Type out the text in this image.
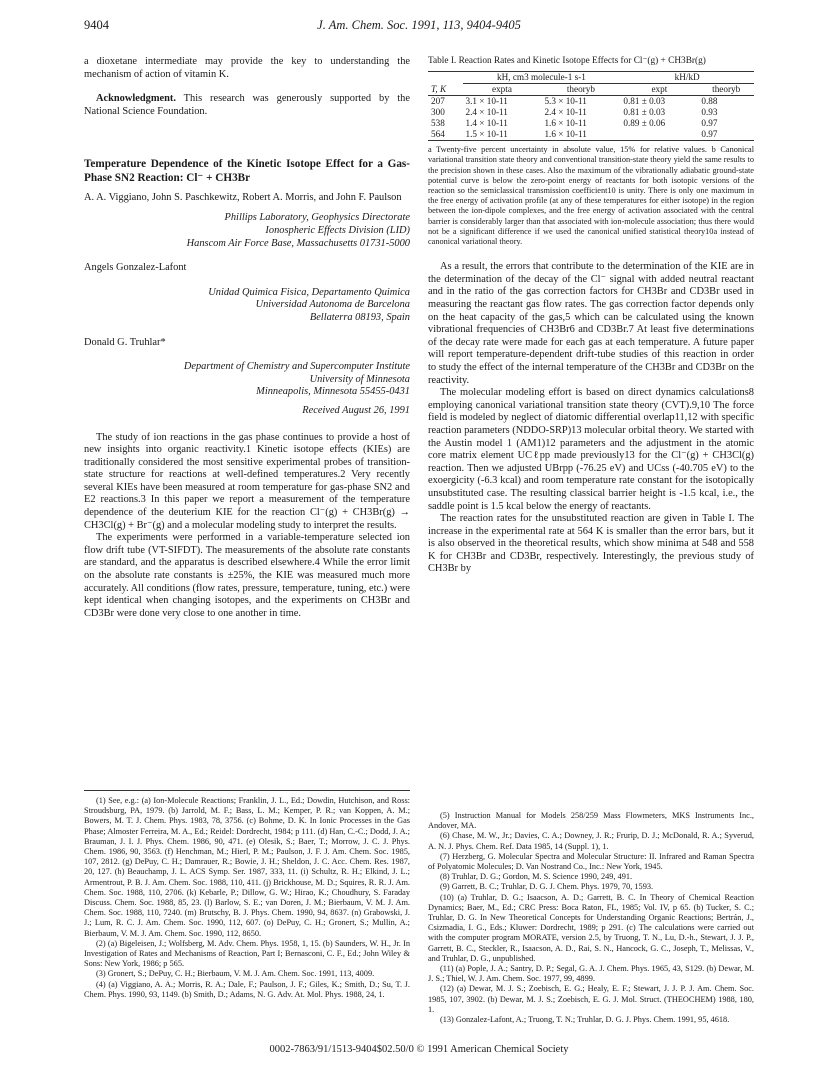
9404	J. Am. Chem. Soc. 1991, 113, 9404-9405

a dioxetane intermediate may provide the key to understanding the mechanism of action of vitamin K.

Acknowledgment. This research was generously supported by the National Science Foundation.

Temperature Dependence of the Kinetic Isotope Effect for a Gas-Phase SN2 Reaction: Cl⁻ + CH3Br

A. A. Viggiano, John S. Paschkewitz, Robert A. Morris, and John F. Paulson

Phillips Laboratory, Geophysics Directorate

Ionospheric Effects Division (LID)

Hanscom Air Force Base, Massachusetts 01731-5000

Angels Gonzalez-Lafont

Unidad Quimica Fisica, Departamento Quimica

Universidad Autonoma de Barcelona

Bellaterra 08193, Spain

Donald G. Truhlar*

Department of Chemistry and Supercomputer Institute

University of Minnesota

Minneapolis, Minnesota 55455-0431

Received August 26, 1991

The study of ion reactions in the gas phase continues to provide a host of new insights into organic reactivity.1 Kinetic isotope effects (KIEs) are traditionally considered the most sensitive experimental probes of transition-state structure for reactions at well-defined temperatures.2 Very recently several KIEs have been measured at room temperature for gas-phase SN2 and E2 reactions.3 In this paper we report a measurement of the temperature dependence of the deuterium KIE for the reaction Cl⁻(g) + CH3Br(g) → CH3Cl(g) + Br⁻(g) and a molecular modeling study to interpret the results.

The experiments were performed in a variable-temperature selected ion flow drift tube (VT-SIFDT). The measurements of the absolute rate constants are standard, and the apparatus is described elsewhere.4 While the error limit on the absolute rate constants is ±25%, the KIE was measured much more accurately. All conditions (flow rates, pressure, temperature, tuning, etc.) were kept identical when changing isotopes, and the experiments on CH3Br and CD3Br were done very close to one another in time.

Table I. Reaction Rates and Kinetic Isotope Effects for Cl⁻(g) + CH3Br(g)

	kH, cm3 molecule-1 s-1		kH/kD	
T, K	expta	theoryb	expt	theoryb
207	3.1 × 10-11	5.3 × 10-11	0.81 ± 0.03	0.88
300	2.4 × 10-11	2.4 × 10-11	0.81 ± 0.03	0.93
538	1.4 × 10-11	1.6 × 10-11	0.89 ± 0.06	0.97
564	1.5 × 10-11	1.6 × 10-11		0.97

a Twenty-five percent uncertainty in absolute value, 15% for relative values. b Canonical variational transition state theory and conventional transition-state theory yield the same results to the precision shown in these cases. Also the maximum of the vibrationally adiabatic ground-state potential curve is below the zero-point energy of reactants for both isotopic versions of the reaction so the semiclassical transmission coefficient10 is unity. There is only one maximum in the free energy of activation profile (at any of these temperatures for either isotope) in the region between the ion-dipole complexes, and the free energy of activation associated with the central barrier is considerably larger than that associated with ion-molecule association; thus there would not be a significant difference if we used the canonical unified statistical theory10a instead of canonical variational theory.

As a result, the errors that contribute to the determination of the KIE are in the determination of the decay of the Cl⁻ signal with added neutral reactant and in the ratio of the gas correction factors for CH3Br and CD3Br used in measuring the reactant gas flow rates. The gas correction factor depends only on the heat capacity of the gas,5 which can be calculated using the known vibrational frequencies of CH3Br6 and CD3Br.7 At least five determinations of the decay rate were made for each gas at each temperature. A future paper will report temperature-dependent drift-tube studies of this reaction in order to study the effect of the internal temperature of the CH3Br and CD3Br on the reactivity.

The molecular modeling effort is based on direct dynamics calculations8 employing canonical variational transition state theory (CVT).9,10 The force field is modeled by neglect of diatomic differential overlap11,12 with specific reaction parameters (NDDO-SRP)13 molecular orbital theory. We started with the Austin model 1 (AM1)12 parameters and the adjustment in the atomic core matrix element UCℓpp made previously13 for the Cl⁻(g) + CH3Cl(g) reaction. Then we adjusted UBrpp (-76.25 eV) and UCss (-40.705 eV) to the exoergicity (-6.3 kcal) and room temperature rate constant for the isotopically unsubstituted case. The resulting classical barrier height is -1.5 kcal, i.e., the saddle point is 1.5 kcal below the energy of reactants.

The reaction rates for the unsubstituted reaction are given in Table I. The increase in the experimental rate at 564 K is smaller than the error bars, but it is also observed in the theoretical results, which show minima at 548 and 558 K for CH3Br and CD3Br, respectively. Interestingly, the previous study of CH3Br by

(1) See, e.g.: (a) Ion-Molecule Reactions; Franklin, J. L., Ed.; Dowdin, Hutchison, and Ross: Stroudsburg, PA, 1979. (b) Jarrold, M. F.; Bass, L. M.; Kemper, P. R.; van Koppen, A. M.; Bowers, M. T. J. Chem. Phys. 1983, 78, 3756. (c) Bohme, D. K. In Ionic Processes in the Gas Phase; Almoster Ferreira, M. A., Ed.; Reidel: Dordrecht, 1984; p 111. (d) Han, C.-C.; Dodd, J. A.; Brauman, J. I. J. Phys. Chem. 1986, 90, 471. (e) Olesik, S.; Baer, T.; Morrow, J. C. J. Phys. Chem. 1986, 90, 3563. (f) Henchman, M.; Hierl, P. M.; Paulson, J. F. J. Am. Chem. Soc. 1985, 107, 2812. (g) DePuy, C. H.; Damrauer, R.; Bowie, J. H.; Sheldon, J. C. Acc. Chem. Res. 1987, 20, 127. (h) Beauchamp, J. L. ACS Symp. Ser. 1987, 333, 11. (i) Schultz, R. H.; Elkind, J. L.; Armentrout, P. B. J. Am. Chem. Soc. 1988, 110, 411. (j) Brickhouse, M. D.; Squires, R. R. J. Am. Chem. Soc. 1988, 110, 2706. (k) Kebarle, P.; Dillow, G. W.; Hirao, K.; Choudhury, S. Faraday Discuss. Chem. Soc. 1988, 85, 23. (l) Barlow, S. E.; van Doren, J. M.; Bierbaum, V. M. J. Am. Chem. Soc. 1988, 110, 7240. (m) Brutschy, B. J. Phys. Chem. 1990, 94, 8637. (n) Grabowski, J. J.; Lum, R. C. J. Am. Chem. Soc. 1990, 112, 607. (o) DePuy, C. H.; Gronert, S.; Mullin, A.; Bierbaum, V. M. J. Am. Chem. Soc. 1990, 112, 8650.

(2) (a) Bigeleisen, J.; Wolfsberg, M. Adv. Chem. Phys. 1958, 1, 15. (b) Saunders, W. H., Jr. In Investigation of Rates and Mechanisms of Reaction, Part I; Bernasconi, C. F., Ed.; John Wiley & Sons: New York, 1986; p 565.

(3) Gronert, S.; DePuy, C. H.; Bierbaum, V. M. J. Am. Chem. Soc. 1991, 113, 4009.

(4) (a) Viggiano, A. A.; Morris, R. A.; Dale, F.; Paulson, J. F.; Giles, K.; Smith, D.; Su, T. J. Chem. Phys. 1990, 93, 1149. (b) Smith, D.; Adams, N. G. Adv. At. Mol. Phys. 1988, 24, 1.

(5) Instruction Manual for Models 258/259 Mass Flowmeters, MKS Instruments Inc., Andover, MA.

(6) Chase, M. W., Jr.; Davies, C. A.; Downey, J. R.; Frurip, D. J.; McDonald, R. A.; Syverud, A. N. J. Phys. Chem. Ref. Data 1985, 14 (Suppl. 1), 1.

(7) Herzberg, G. Molecular Spectra and Molecular Structure: II. Infrared and Raman Spectra of Polyatomic Molecules; D. Van Nostrand Co., Inc.: New York, 1945.

(8) Truhlar, D. G.; Gordon, M. S. Science 1990, 249, 491.

(9) Garrett, B. C.; Truhlar, D. G. J. Chem. Phys. 1979, 70, 1593.

(10) (a) Truhlar, D. G.; Isaacson, A. D.; Garrett, B. C. In Theory of Chemical Reaction Dynamics; Baer, M., Ed.; CRC Press: Boca Raton, FL, 1985; Vol. IV, p 65. (b) Tucker, S. C.; Truhlar, D. G. In New Theoretical Concepts for Understanding Organic Reactions; Bertrán, J., Csizmadia, I. G., Eds.; Kluwer: Dordrecht, 1989; p 291. (c) The calculations were carried out with the computer program MORATE, version 2.5, by Truong, T. N., Lu, D.-h., Stewart, J. J. P., Garrett, B. C., Steckler, R., Isaacson, A. D., Rai, S. N., Hancock, G. C., Joseph, T., Melissas, V., and Truhlar, D. G., unpublished.

(11) (a) Pople, J. A.; Santry, D. P.; Segal, G. A. J. Chem. Phys. 1965, 43, S129. (b) Dewar, M. J. S.; Thiel, W. J. Am. Chem. Soc. 1977, 99, 4899.

(12) (a) Dewar, M. J. S.; Zoebisch, E. G.; Healy, E. F.; Stewart, J. J. P. J. Am. Chem. Soc. 1985, 107, 3902. (b) Dewar, M. J. S.; Zoebisch, E. G. J. Mol. Struct. (THEOCHEM) 1988, 180, 1.

(13) Gonzalez-Lafont, A.; Truong, T. N.; Truhlar, D. G. J. Phys. Chem. 1991, 95, 4618.

0002-7863/91/1513-9404$02.50/0 © 1991 American Chemical Society
